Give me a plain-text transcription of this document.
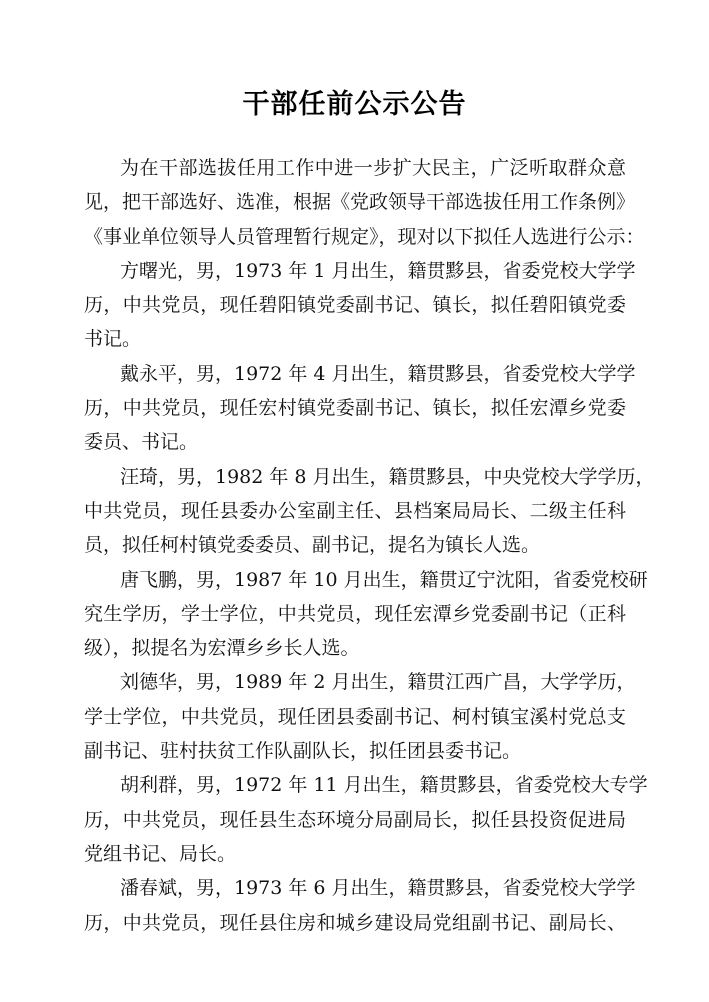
干部任前公示公告
为在干部选拔任用工作中进一步扩大民主，广泛听取群众意
见，把干部选好、选准，根据《党政领导干部选拔任用工作条例》
《事业单位领导人员管理暂行规定》，现对以下拟任人选进行公示：
方曙光，男，1973 年 1 月出生，籍贯黟县，省委党校大学学
历，中共党员，现任碧阳镇党委副书记、镇长，拟任碧阳镇党委
书记。
戴永平，男，1972 年 4 月出生，籍贯黟县，省委党校大学学
历，中共党员，现任宏村镇党委副书记、镇长，拟任宏潭乡党委
委员、书记。
汪琦，男，1982 年 8 月出生，籍贯黟县，中央党校大学学历，
中共党员，现任县委办公室副主任、县档案局局长、二级主任科
员，拟任柯村镇党委委员、副书记，提名为镇长人选。
唐飞鹏，男，1987 年 10 月出生，籍贯辽宁沈阳，省委党校研
究生学历，学士学位，中共党员，现任宏潭乡党委副书记（正科
级），拟提名为宏潭乡乡长人选。
刘德华，男，1989 年 2 月出生，籍贯江西广昌，大学学历，
学士学位，中共党员，现任团县委副书记、柯村镇宝溪村党总支
副书记、驻村扶贫工作队副队长，拟任团县委书记。
胡利群，男，1972 年 11 月出生，籍贯黟县，省委党校大专学
历，中共党员，现任县生态环境分局副局长，拟任县投资促进局
党组书记、局长。
潘春斌，男，1973 年 6 月出生，籍贯黟县，省委党校大学学
历，中共党员，现任县住房和城乡建设局党组副书记、副局长、
